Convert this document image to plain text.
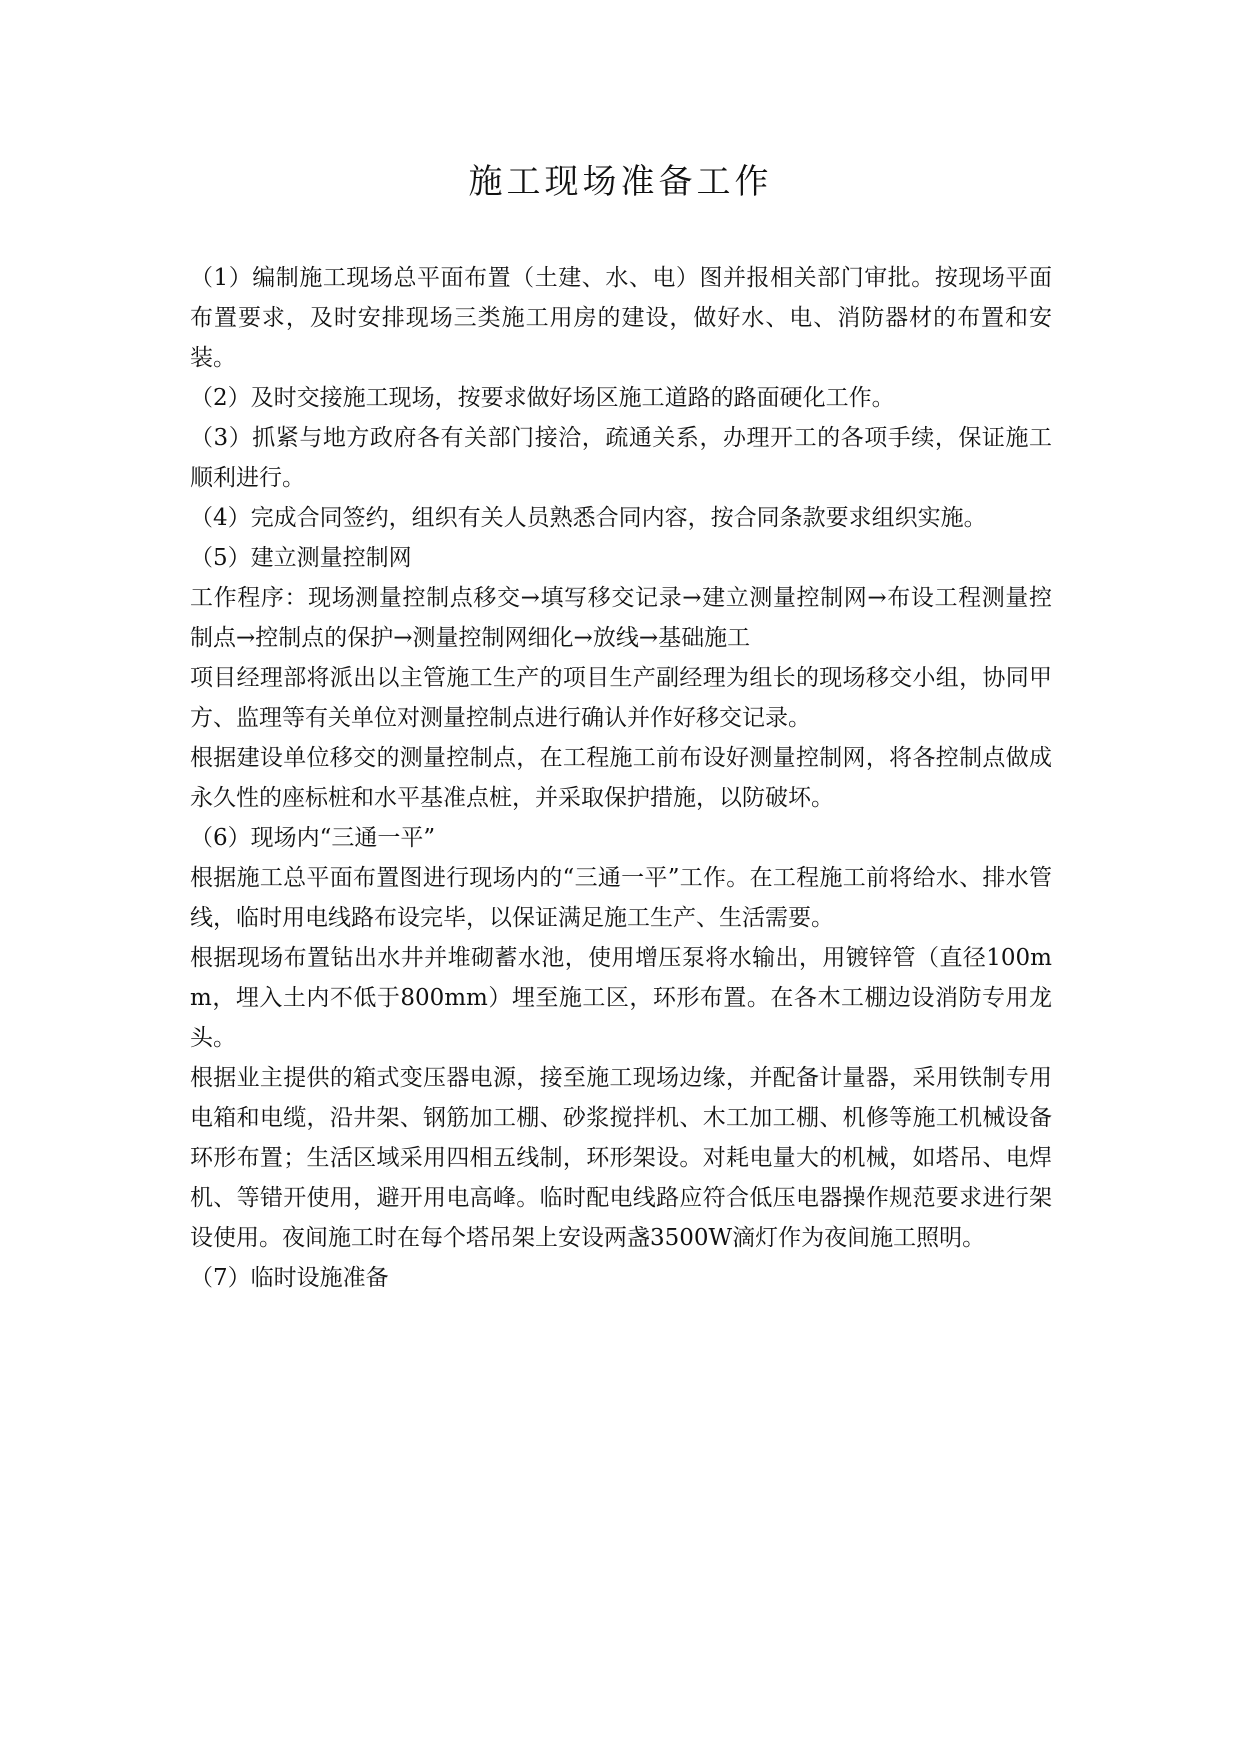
施工现场准备工作

（1）编制施工现场总平面布置（土建、水、电）图并报相关部门审批。按现场平面布置要求，及时安排现场三类施工用房的建设，做好水、电、消防器材的布置和安装。

（2）及时交接施工现场，按要求做好场区施工道路的路面硬化工作。

（3）抓紧与地方政府各有关部门接洽，疏通关系，办理开工的各项手续，保证施工顺利进行。

（4）完成合同签约，组织有关人员熟悉合同内容，按合同条款要求组织实施。

（5）建立测量控制网

工作程序：现场测量控制点移交→填写移交记录→建立测量控制网→布设工程测量控制点→控制点的保护→测量控制网细化→放线→基础施工

项目经理部将派出以主管施工生产的项目生产副经理为组长的现场移交小组，协同甲方、监理等有关单位对测量控制点进行确认并作好移交记录。

根据建设单位移交的测量控制点，在工程施工前布设好测量控制网，将各控制点做成永久性的座标桩和水平基准点桩，并采取保护措施，以防破坏。

（6）现场内“三通一平”

根据施工总平面布置图进行现场内的“三通一平”工作。在工程施工前将给水、排水管线，临时用电线路布设完毕，以保证满足施工生产、生活需要。

根据现场布置钻出水井并堆砌蓄水池，使用增压泵将水输出，用镀锌管（直径100mm，埋入土内不低于800mm）埋至施工区，环形布置。在各木工棚边设消防专用龙头。

根据业主提供的箱式变压器电源，接至施工现场边缘，并配备计量器，采用铁制专用电箱和电缆，沿井架、钢筋加工棚、砂浆搅拌机、木工加工棚、机修等施工机械设备环形布置；生活区域采用四相五线制，环形架设。对耗电量大的机械，如塔吊、电焊机、等错开使用，避开用电高峰。临时配电线路应符合低压电器操作规范要求进行架设使用。夜间施工时在每个塔吊架上安设两盏3500W滴灯作为夜间施工照明。

（7）临时设施准备
